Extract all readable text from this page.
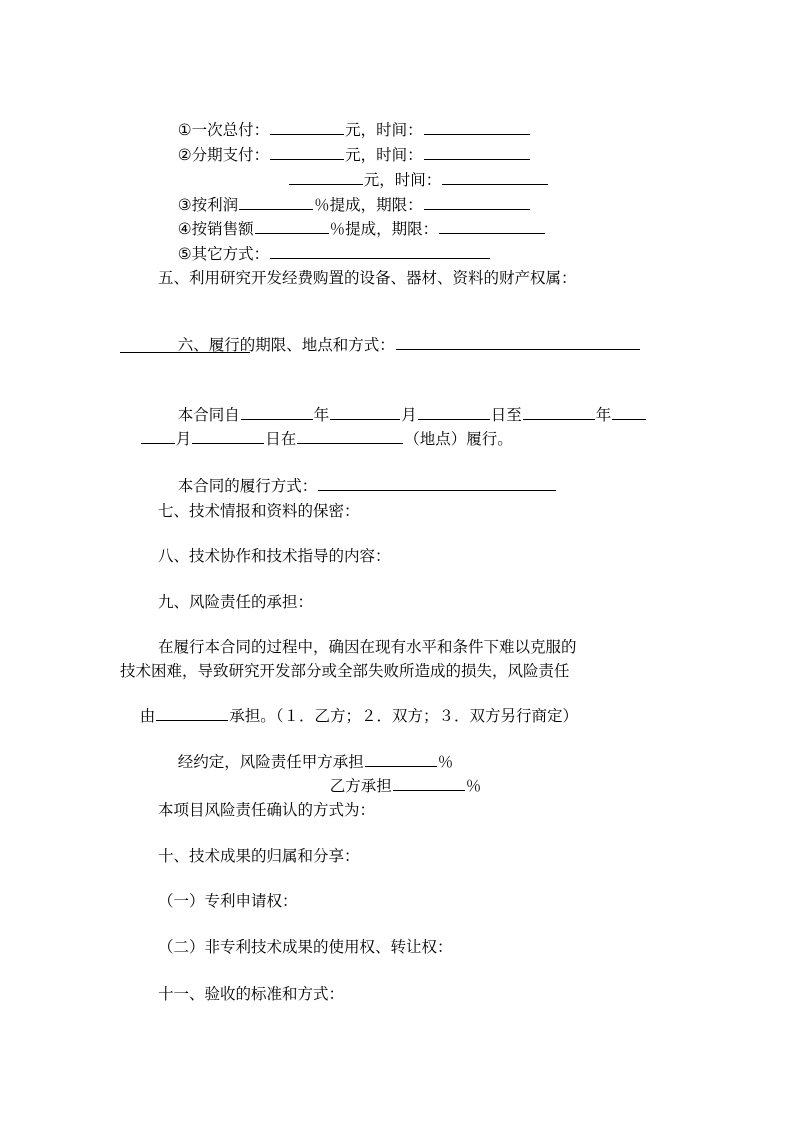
①一次总付：	元，时间：

②分期支付：	元，时间：

元，时间：

③按利润	％提成，期限：

④按销售额	％提成，期限：

⑤其它方式：

五、利用研究开发经费购置的设备、器材、资料的财产权属：

六、履行的期限、地点和方式：

本合同自	年	月	日至	年

月	日在	（地点）履行。

本合同的履行方式：

七、技术情报和资料的保密：
八、技术协作和技术指导的内容：
九、风险责任的承担：
在履行本合同的过程中，确因在现有水平和条件下难以克服的
技术困难，导致研究开发部分或全部失败所造成的损失，风险责任

由	承担。（１．乙方；２．双方；３．双方另行商定）

经约定，风险责任甲方承担	％

乙方承担	％

本项目风险责任确认的方式为：
十、技术成果的归属和分享：
（一）专利申请权：
（二）非专利技术成果的使用权、转让权：
十一、验收的标准和方式：
